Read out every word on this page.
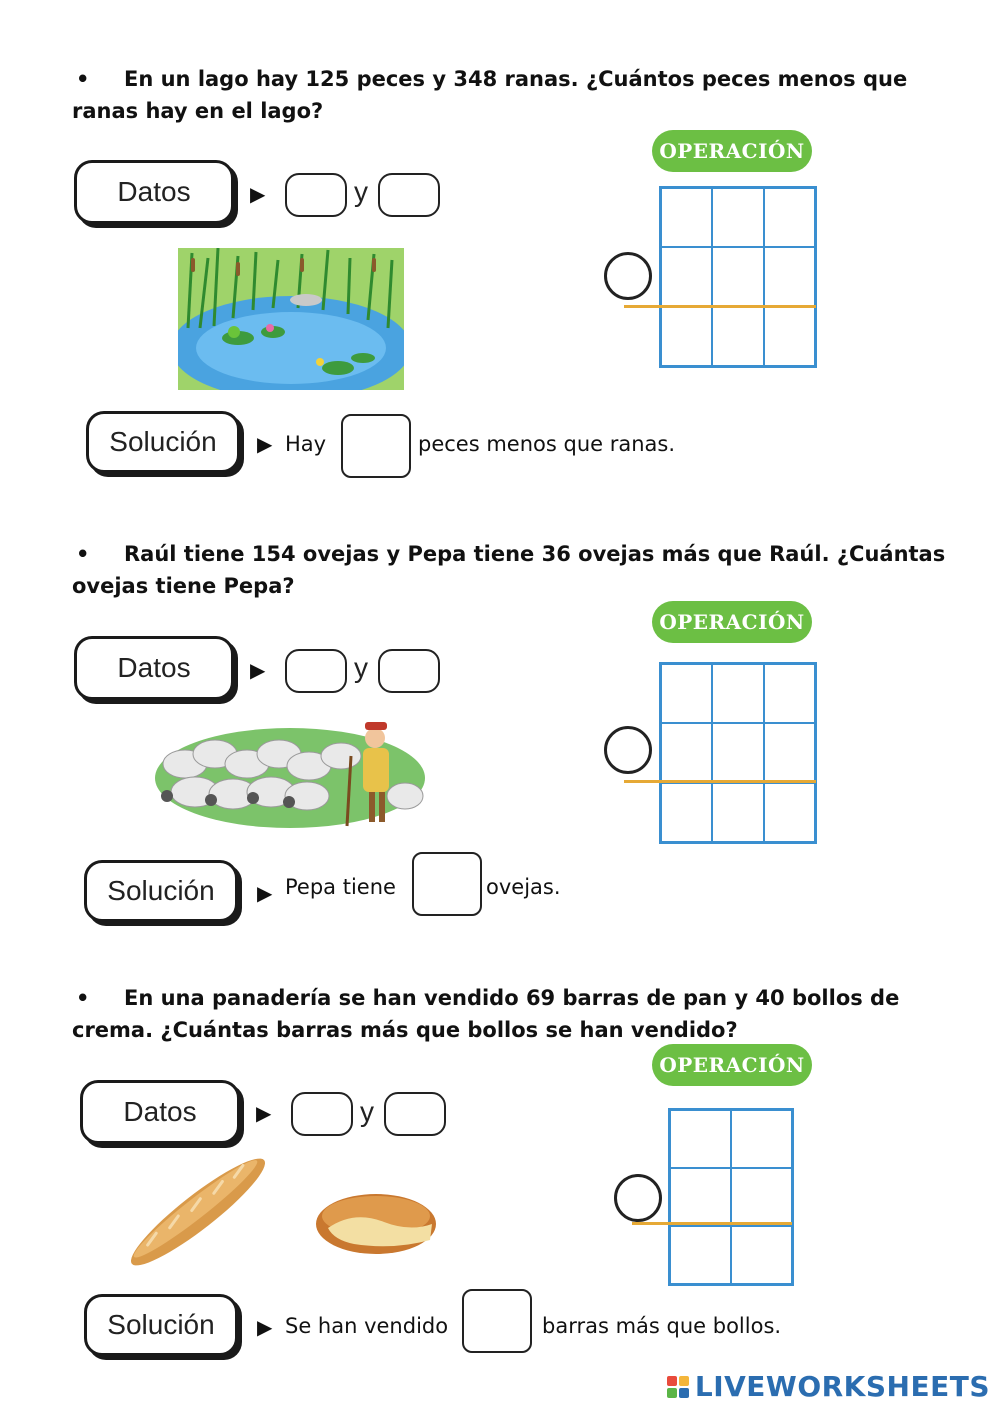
• En un lago hay 125 peces y 348 ranas. ¿Cuántos peces menos que ranas hay en el lago?
Datos	▶	y
OPERACIÓN
Solución	▶ Hay	peces menos que ranas.
• Raúl tiene 154 ovejas y Pepa tiene 36 ovejas más que Raúl. ¿Cuántas ovejas tiene Pepa?
Datos	▶	y
OPERACIÓN
Solución	▶ Pepa tiene	ovejas.
• En una panadería se han vendido 69 barras de pan y 40 bollos de crema. ¿Cuántas barras más que bollos se han vendido?
Datos	▶	y
OPERACIÓN
Solución	▶ Se han vendido	barras más que bollos.
LIVEWORKSHEETS
